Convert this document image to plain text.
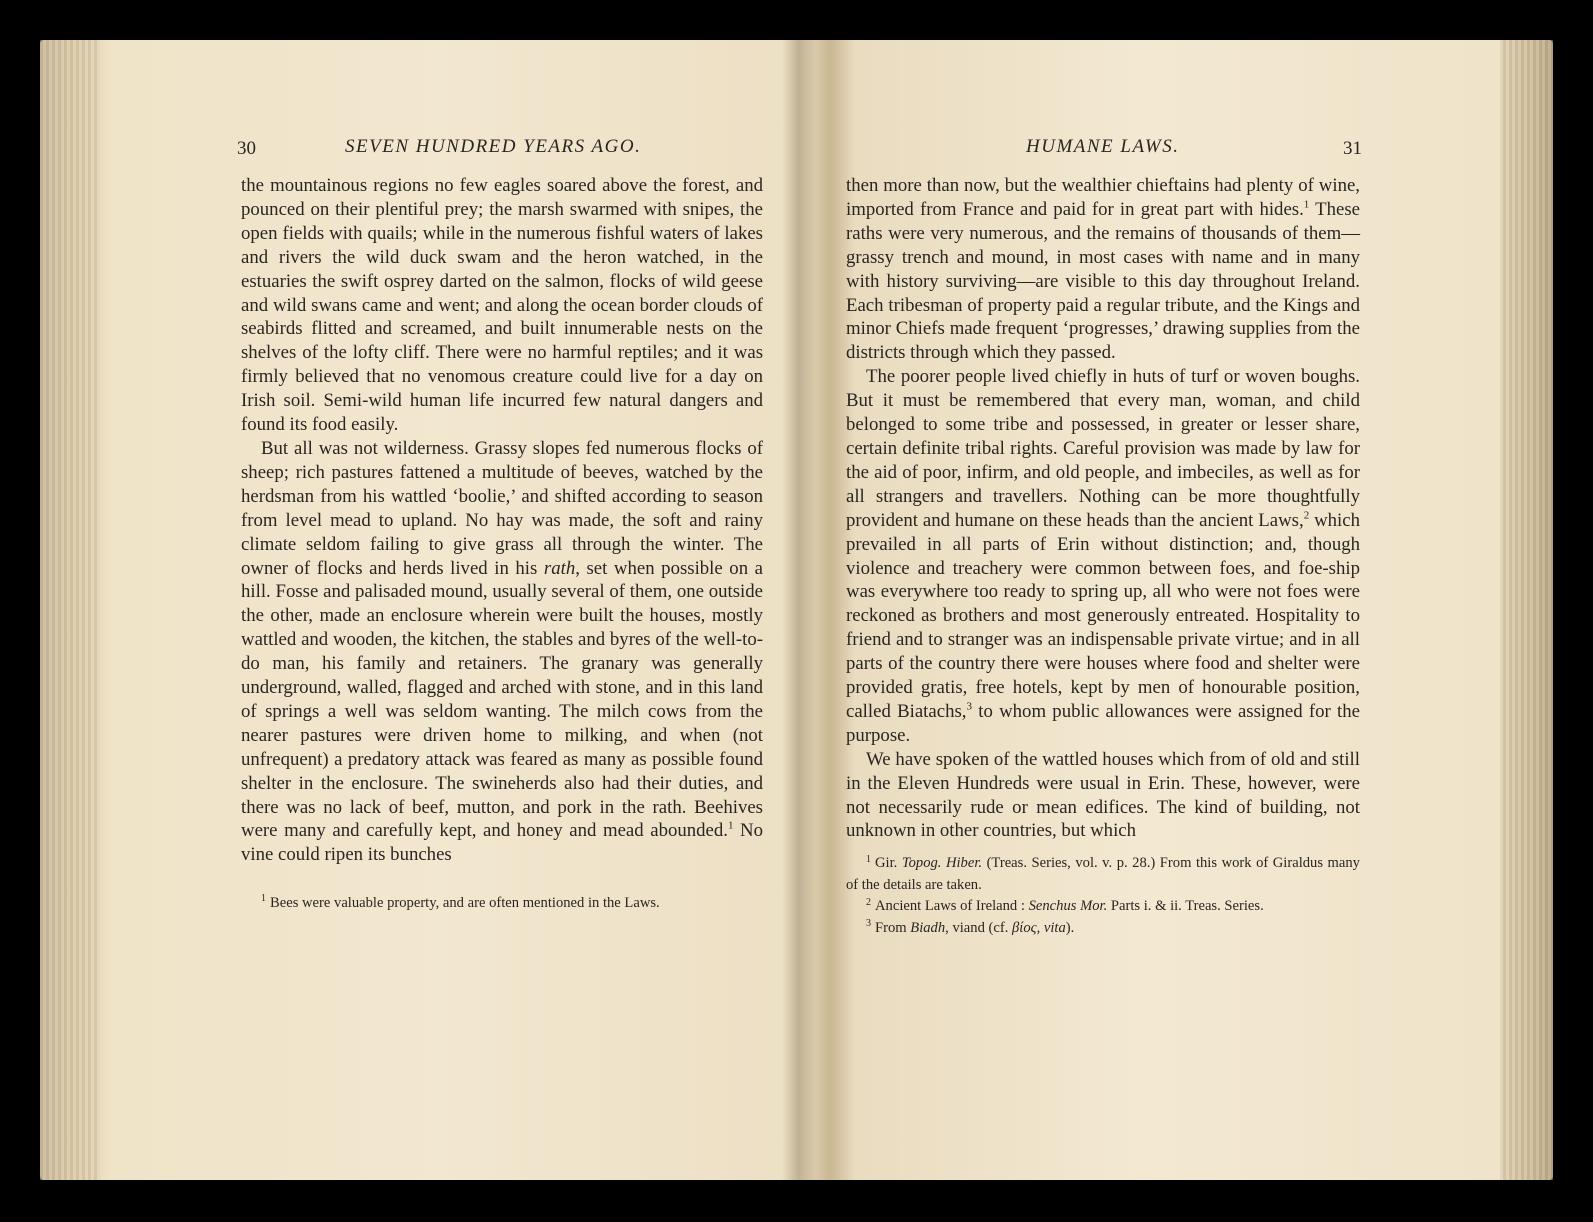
30	SEVEN HUNDRED YEARS AGO.

the mountainous regions no few eagles soared above the forest, and pounced on their plentiful prey; the marsh swarmed with snipes, the open fields with quails; while in the numerous fishful waters of lakes and rivers the wild duck swam and the heron watched, in the estuaries the swift osprey darted on the salmon, flocks of wild geese and wild swans came and went; and along the ocean border clouds of seabirds flitted and screamed, and built innumerable nests on the shelves of the lofty cliff. There were no harmful reptiles; and it was firmly believed that no venomous creature could live for a day on Irish soil. Semi-wild human life incurred few natural dangers and found its food easily.

But all was not wilderness. Grassy slopes fed numerous flocks of sheep; rich pastures fattened a multitude of beeves, watched by the herdsman from his wattled ‘boolie,’ and shifted according to season from level mead to upland. No hay was made, the soft and rainy climate seldom failing to give grass all through the winter. The owner of flocks and herds lived in his rath, set when possible on a hill. Fosse and palisaded mound, usually several of them, one outside the other, made an enclosure wherein were built the houses, mostly wattled and wooden, the kitchen, the stables and byres of the well-to-do man, his family and retainers. The granary was generally underground, walled, flagged and arched with stone, and in this land of springs a well was seldom wanting. The milch cows from the nearer pastures were driven home to milking, and when (not unfrequent) a predatory attack was feared as many as possible found shelter in the enclosure. The swineherds also had their duties, and there was no lack of beef, mutton, and pork in the rath. Beehives were many and carefully kept, and honey and mead abounded.$^1$ No vine could ripen its bunches

$^1$ Bees were valuable property, and are often mentioned in the Laws.

HUMANE LAWS.	31

then more than now, but the wealthier chieftains had plenty of wine, imported from France and paid for in great part with hides.$^1$ These raths were very numerous, and the remains of thousands of them—grassy trench and mound, in most cases with name and in many with history surviving—are visible to this day throughout Ireland. Each tribesman of property paid a regular tribute, and the Kings and minor Chiefs made frequent ‘progresses,’ drawing supplies from the districts through which they passed.

The poorer people lived chiefly in huts of turf or woven boughs. But it must be remembered that every man, woman, and child belonged to some tribe and possessed, in greater or lesser share, certain definite tribal rights. Careful provision was made by law for the aid of poor, infirm, and old people, and imbeciles, as well as for all strangers and travellers. Nothing can be more thoughtfully provident and humane on these heads than the ancient Laws,$^2$ which prevailed in all parts of Erin without distinction; and, though violence and treachery were common between foes, and foe-ship was everywhere too ready to spring up, all who were not foes were reckoned as brothers and most generously entreated. Hospitality to friend and to stranger was an indispensable private virtue; and in all parts of the country there were houses where food and shelter were provided gratis, free hotels, kept by men of honourable position, called Biatachs,$^3$ to whom public allowances were assigned for the purpose.

We have spoken of the wattled houses which from of old and still in the Eleven Hundreds were usual in Erin. These, however, were not necessarily rude or mean edifices. The kind of building, not unknown in other countries, but which

$^1$ Gir. Topog. Hiber. (Treas. Series, vol. v. p. 28.) From this work of Giraldus many of the details are taken.

$^2$ Ancient Laws of Ireland : Senchus Mor. Parts i. & ii. Treas. Series.

$^3$ From Biadh, viand (cf. βίος, vita).
